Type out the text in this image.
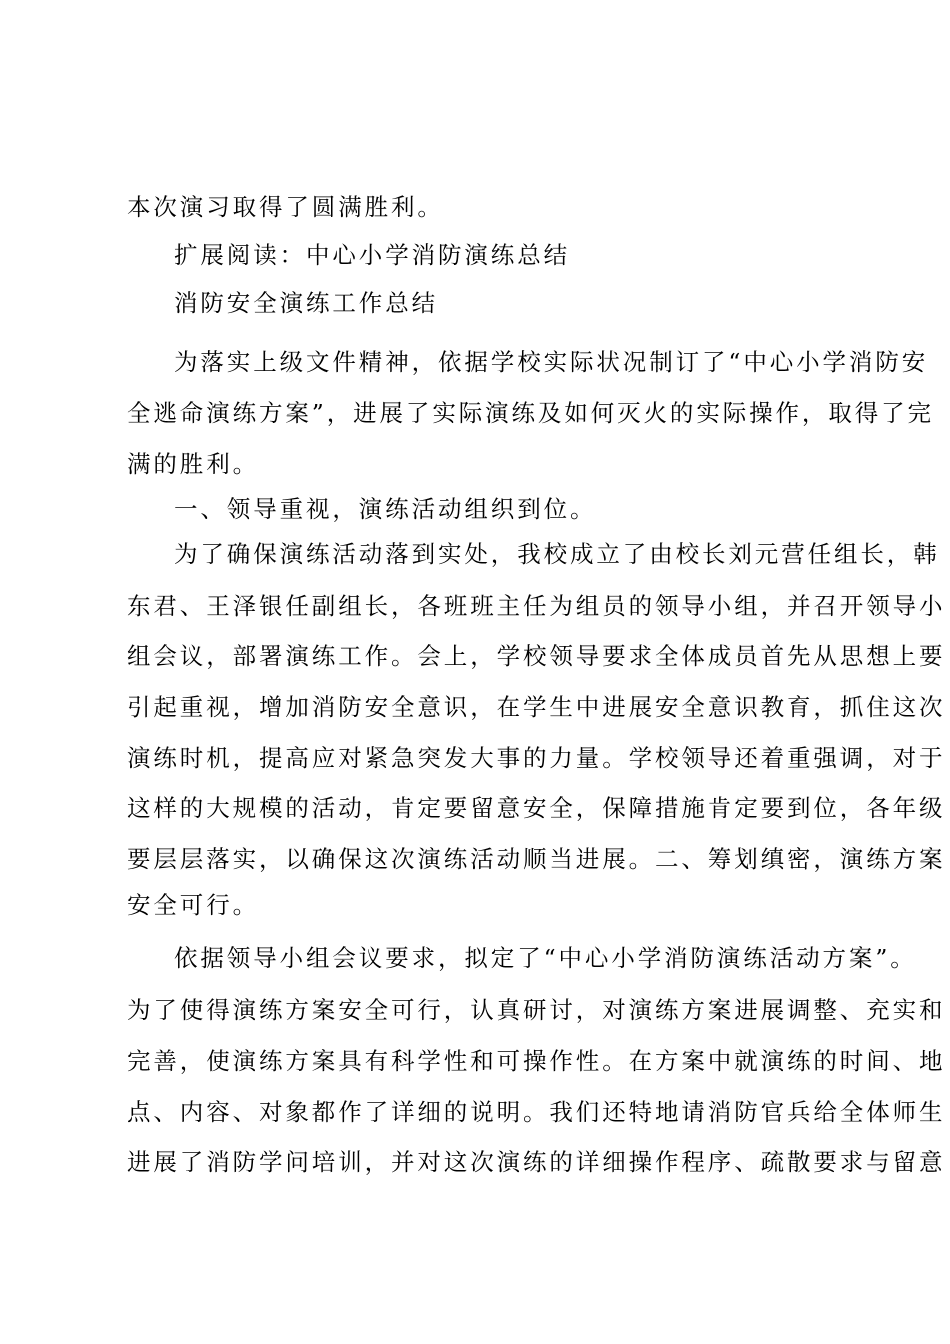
本次演习取得了圆满胜利。
扩展阅读：中心小学消防演练总结
消防安全演练工作总结
为落实上级文件精神，依据学校实际状况制订了“中心小学消防安
全逃命演练方案”，进展了实际演练及如何灭火的实际操作，取得了完
满的胜利。
一、领导重视，演练活动组织到位。
为了确保演练活动落到实处，我校成立了由校长刘元营任组长，韩
东君、王泽银任副组长，各班班主任为组员的领导小组，并召开领导小
组会议，部署演练工作。会上，学校领导要求全体成员首先从思想上要
引起重视，增加消防安全意识，在学生中进展安全意识教育，抓住这次
演练时机，提高应对紧急突发大事的力量。学校领导还着重强调，对于
这样的大规模的活动，肯定要留意安全，保障措施肯定要到位，各年级
要层层落实，以确保这次演练活动顺当进展。二、筹划缜密，演练方案
安全可行。
依据领导小组会议要求，拟定了“中心小学消防演练活动方案”。
为了使得演练方案安全可行，认真研讨，对演练方案进展调整、充实和
完善，使演练方案具有科学性和可操作性。在方案中就演练的时间、地
点、内容、对象都作了详细的说明。我们还特地请消防官兵给全体师生
进展了消防学问培训，并对这次演练的详细操作程序、疏散要求与留意
